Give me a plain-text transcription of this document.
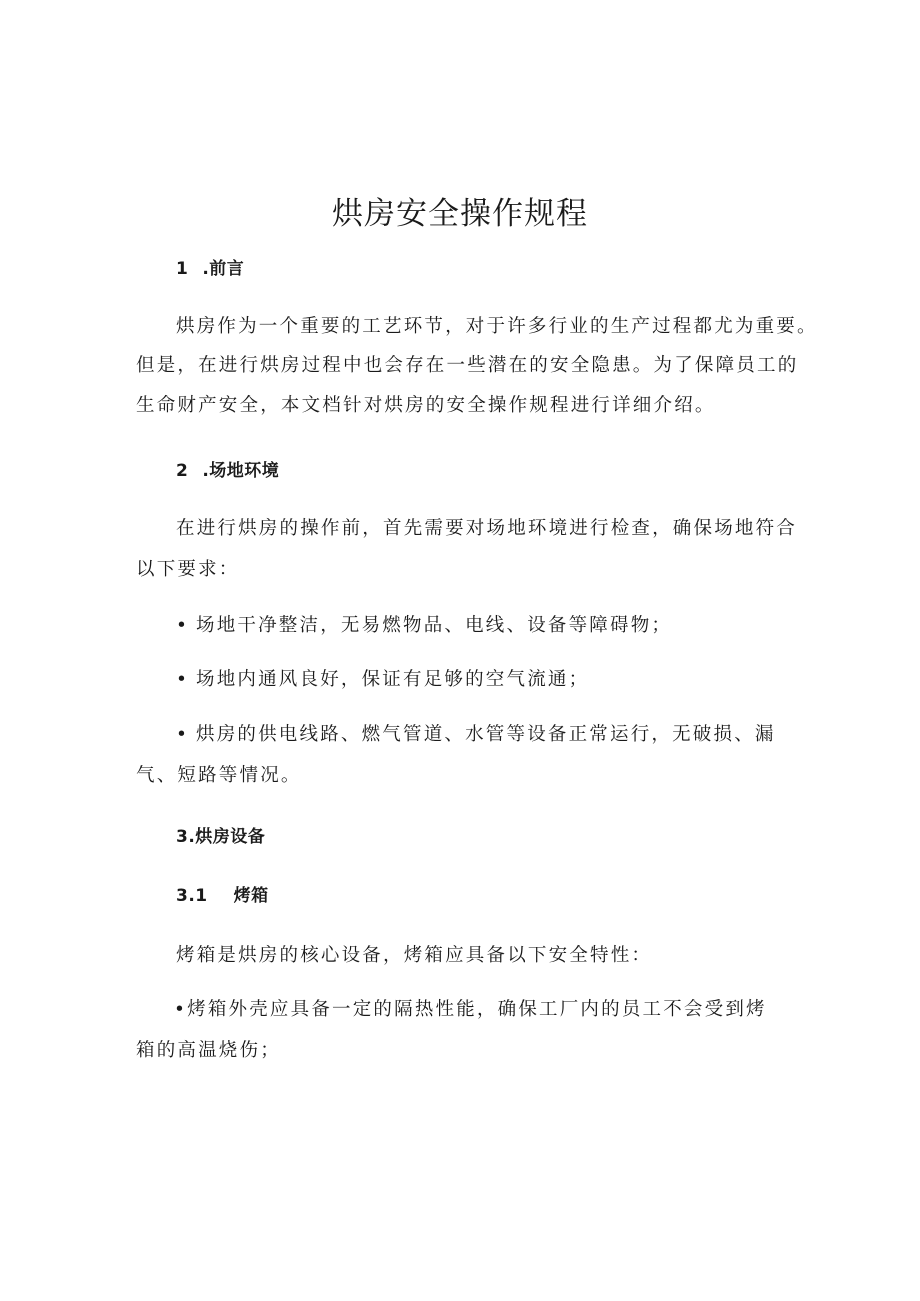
烘房安全操作规程
1 .前言
烘房作为一个重要的工艺环节，对于许多行业的生产过程都尤为重要。
但是，在进行烘房过程中也会存在一些潜在的安全隐患。为了保障员工的
生命财产安全，本文档针对烘房的安全操作规程进行详细介绍。
2 .场地环境
在进行烘房的操作前，首先需要对场地环境进行检查，确保场地符合
以下要求：
• 场地干净整洁，无易燃物品、电线、设备等障碍物；
• 场地内通风良好，保证有足够的空气流通；
• 烘房的供电线路、燃气管道、水管等设备正常运行，无破损、漏
气、短路等情况。
3.烘房设备
3.1 烤箱
烤箱是烘房的核心设备，烤箱应具备以下安全特性：
•烤箱外壳应具备一定的隔热性能，确保工厂内的员工不会受到烤
箱的高温烧伤；
